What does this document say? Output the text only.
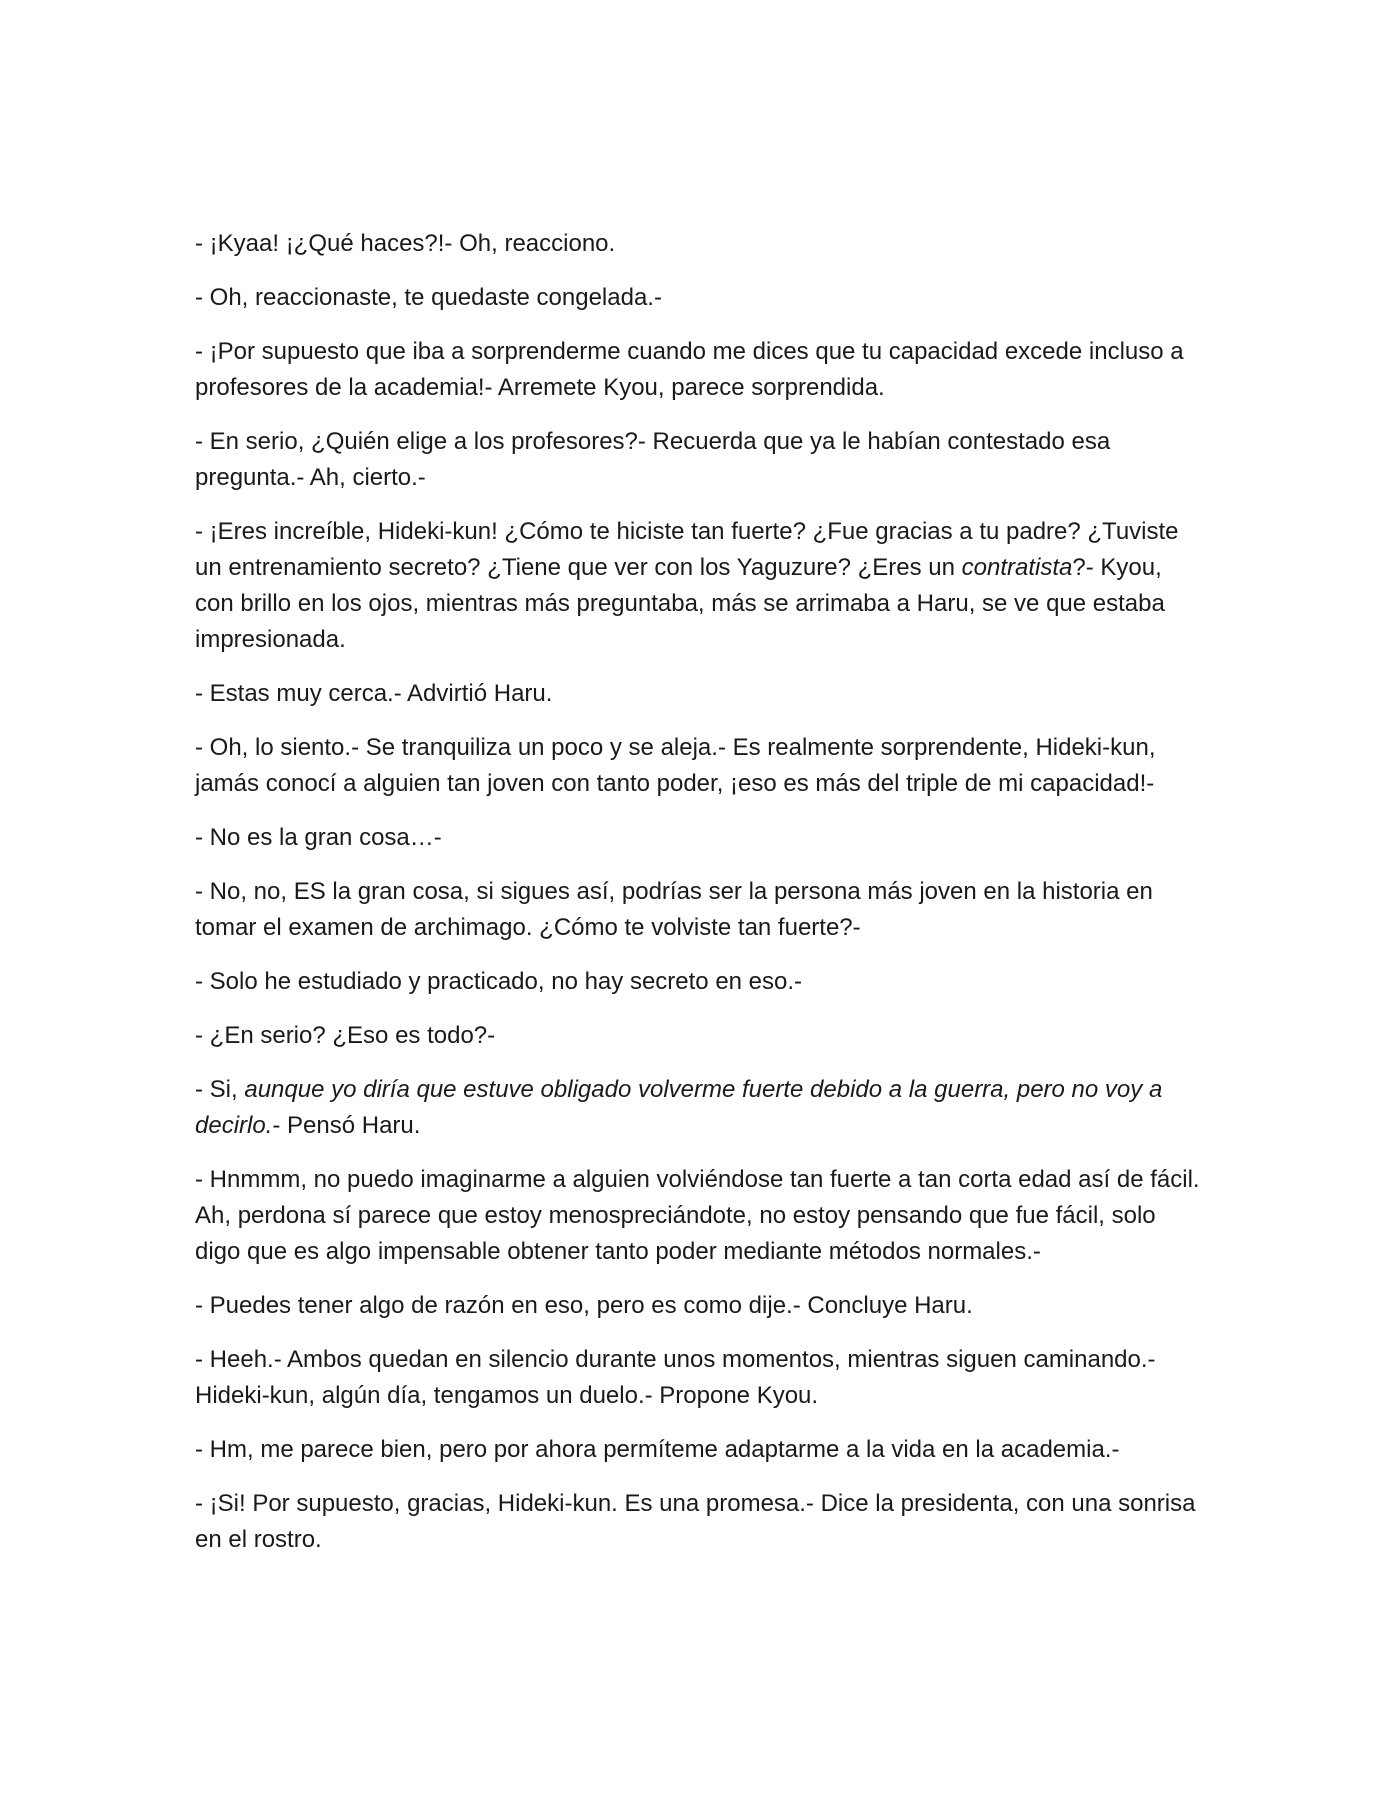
- ¡Kyaa! ¡¿Qué haces?!- Oh, reacciono.

- Oh, reaccionaste, te quedaste congelada.-

- ¡Por supuesto que iba a sorprenderme cuando me dices que tu capacidad excede incluso a profesores de la academia!- Arremete Kyou, parece sorprendida.

- En serio, ¿Quién elige a los profesores?- Recuerda que ya le habían contestado esa pregunta.- Ah, cierto.-

- ¡Eres increíble, Hideki-kun! ¿Cómo te hiciste tan fuerte? ¿Fue gracias a tu padre? ¿Tuviste un entrenamiento secreto? ¿Tiene que ver con los Yaguzure? ¿Eres un contratista?- Kyou, con brillo en los ojos, mientras más preguntaba, más se arrimaba a Haru, se ve que estaba impresionada.

- Estas muy cerca.- Advirtió Haru.

- Oh, lo siento.- Se tranquiliza un poco y se aleja.- Es realmente sorprendente, Hideki-kun, jamás conocí a alguien tan joven con tanto poder, ¡eso es más del triple de mi capacidad!-

- No es la gran cosa…-

- No, no, ES la gran cosa, si sigues así, podrías ser la persona más joven en la historia en tomar el examen de archimago. ¿Cómo te volviste tan fuerte?-

- Solo he estudiado y practicado, no hay secreto en eso.-

- ¿En serio? ¿Eso es todo?-

- Si, aunque yo diría que estuve obligado volverme fuerte debido a la guerra, pero no voy a decirlo.- Pensó Haru.

- Hnmmm, no puedo imaginarme a alguien volviéndose tan fuerte a tan corta edad así de fácil. Ah, perdona sí parece que estoy menospreciándote, no estoy pensando que fue fácil, solo digo que es algo impensable obtener tanto poder mediante métodos normales.-

- Puedes tener algo de razón en eso, pero es como dije.- Concluye Haru.

- Heeh.- Ambos quedan en silencio durante unos momentos, mientras siguen caminando.- Hideki-kun, algún día, tengamos un duelo.- Propone Kyou.

- Hm, me parece bien, pero por ahora permíteme adaptarme a la vida en la academia.-

- ¡Si! Por supuesto, gracias, Hideki-kun. Es una promesa.- Dice la presidenta, con una sonrisa en el rostro.
